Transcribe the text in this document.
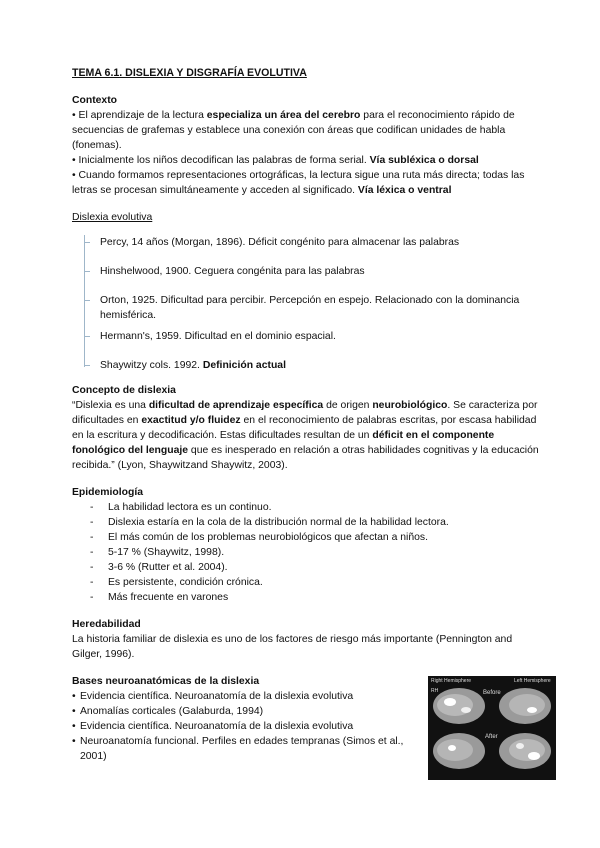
TEMA 6.1. DISLEXIA Y DISGRAFÍA EVOLUTIVA

Contexto

• El aprendizaje de la lectura especializa un área del cerebro para el reconocimiento rápido de secuencias de grafemas y establece una conexión con áreas que codifican unidades de habla (fonemas).

• Inicialmente los niños decodifican las palabras de forma serial. Vía subléxica o dorsal

• Cuando formamos representaciones ortográficas, la lectura sigue una ruta más directa; todas las letras se procesan simultáneamente y acceden al significado. Vía léxica o ventral

Dislexia evolutiva

Percy, 14 años (Morgan, 1896). Déficit congénito para almacenar las palabras
Hinshelwood, 1900. Ceguera congénita para las palabras
Orton, 1925. Dificultad para percibir. Percepción en espejo. Relacionado con la dominancia hemisférica.
Hermann's, 1959. Dificultad en el dominio espacial.
Shaywitzy cols. 1992. Definición actual

Concepto de dislexia

“Dislexia es una dificultad de aprendizaje específica de origen neurobiológico. Se caracteriza por dificultades en exactitud y/o fluidez en el reconocimiento de palabras escritas, por escasa habilidad en la escritura y decodificación. Estas dificultades resultan de un déficit en el componente fonológico del lenguaje que es inesperado en relación a otras habilidades cognitivas y la educación recibida.” (Lyon, Shaywitzand Shaywitz, 2003).

Epidemiología

- La habilidad lectora es un continuo.
- Dislexia estaría en la cola de la distribución normal de la habilidad lectora.
- El más común de los problemas neurobiológicos que afectan a niños.
- 5-17 % (Shaywitz, 1998).
- 3-6 % (Rutter et al. 2004).
- Es persistente, condición crónica.
- Más frecuente en varones

Heredabilidad

La historia familiar de dislexia es uno de los factores de riesgo más importante (Pennington and Gilger, 1996).

Bases neuroanatómicas de la dislexia

• Evidencia científica. Neuroanatomía de la dislexia evolutiva
• Anomalías corticales (Galaburda, 1994)
• Evidencia científica. Neuroanatomía de la dislexia evolutiva
• Neuroanatomía funcional. Perfiles en edades tempranas (Simos et al., 2001)
Right Hemisphere	Left Hemisphere
Before
After
RH
